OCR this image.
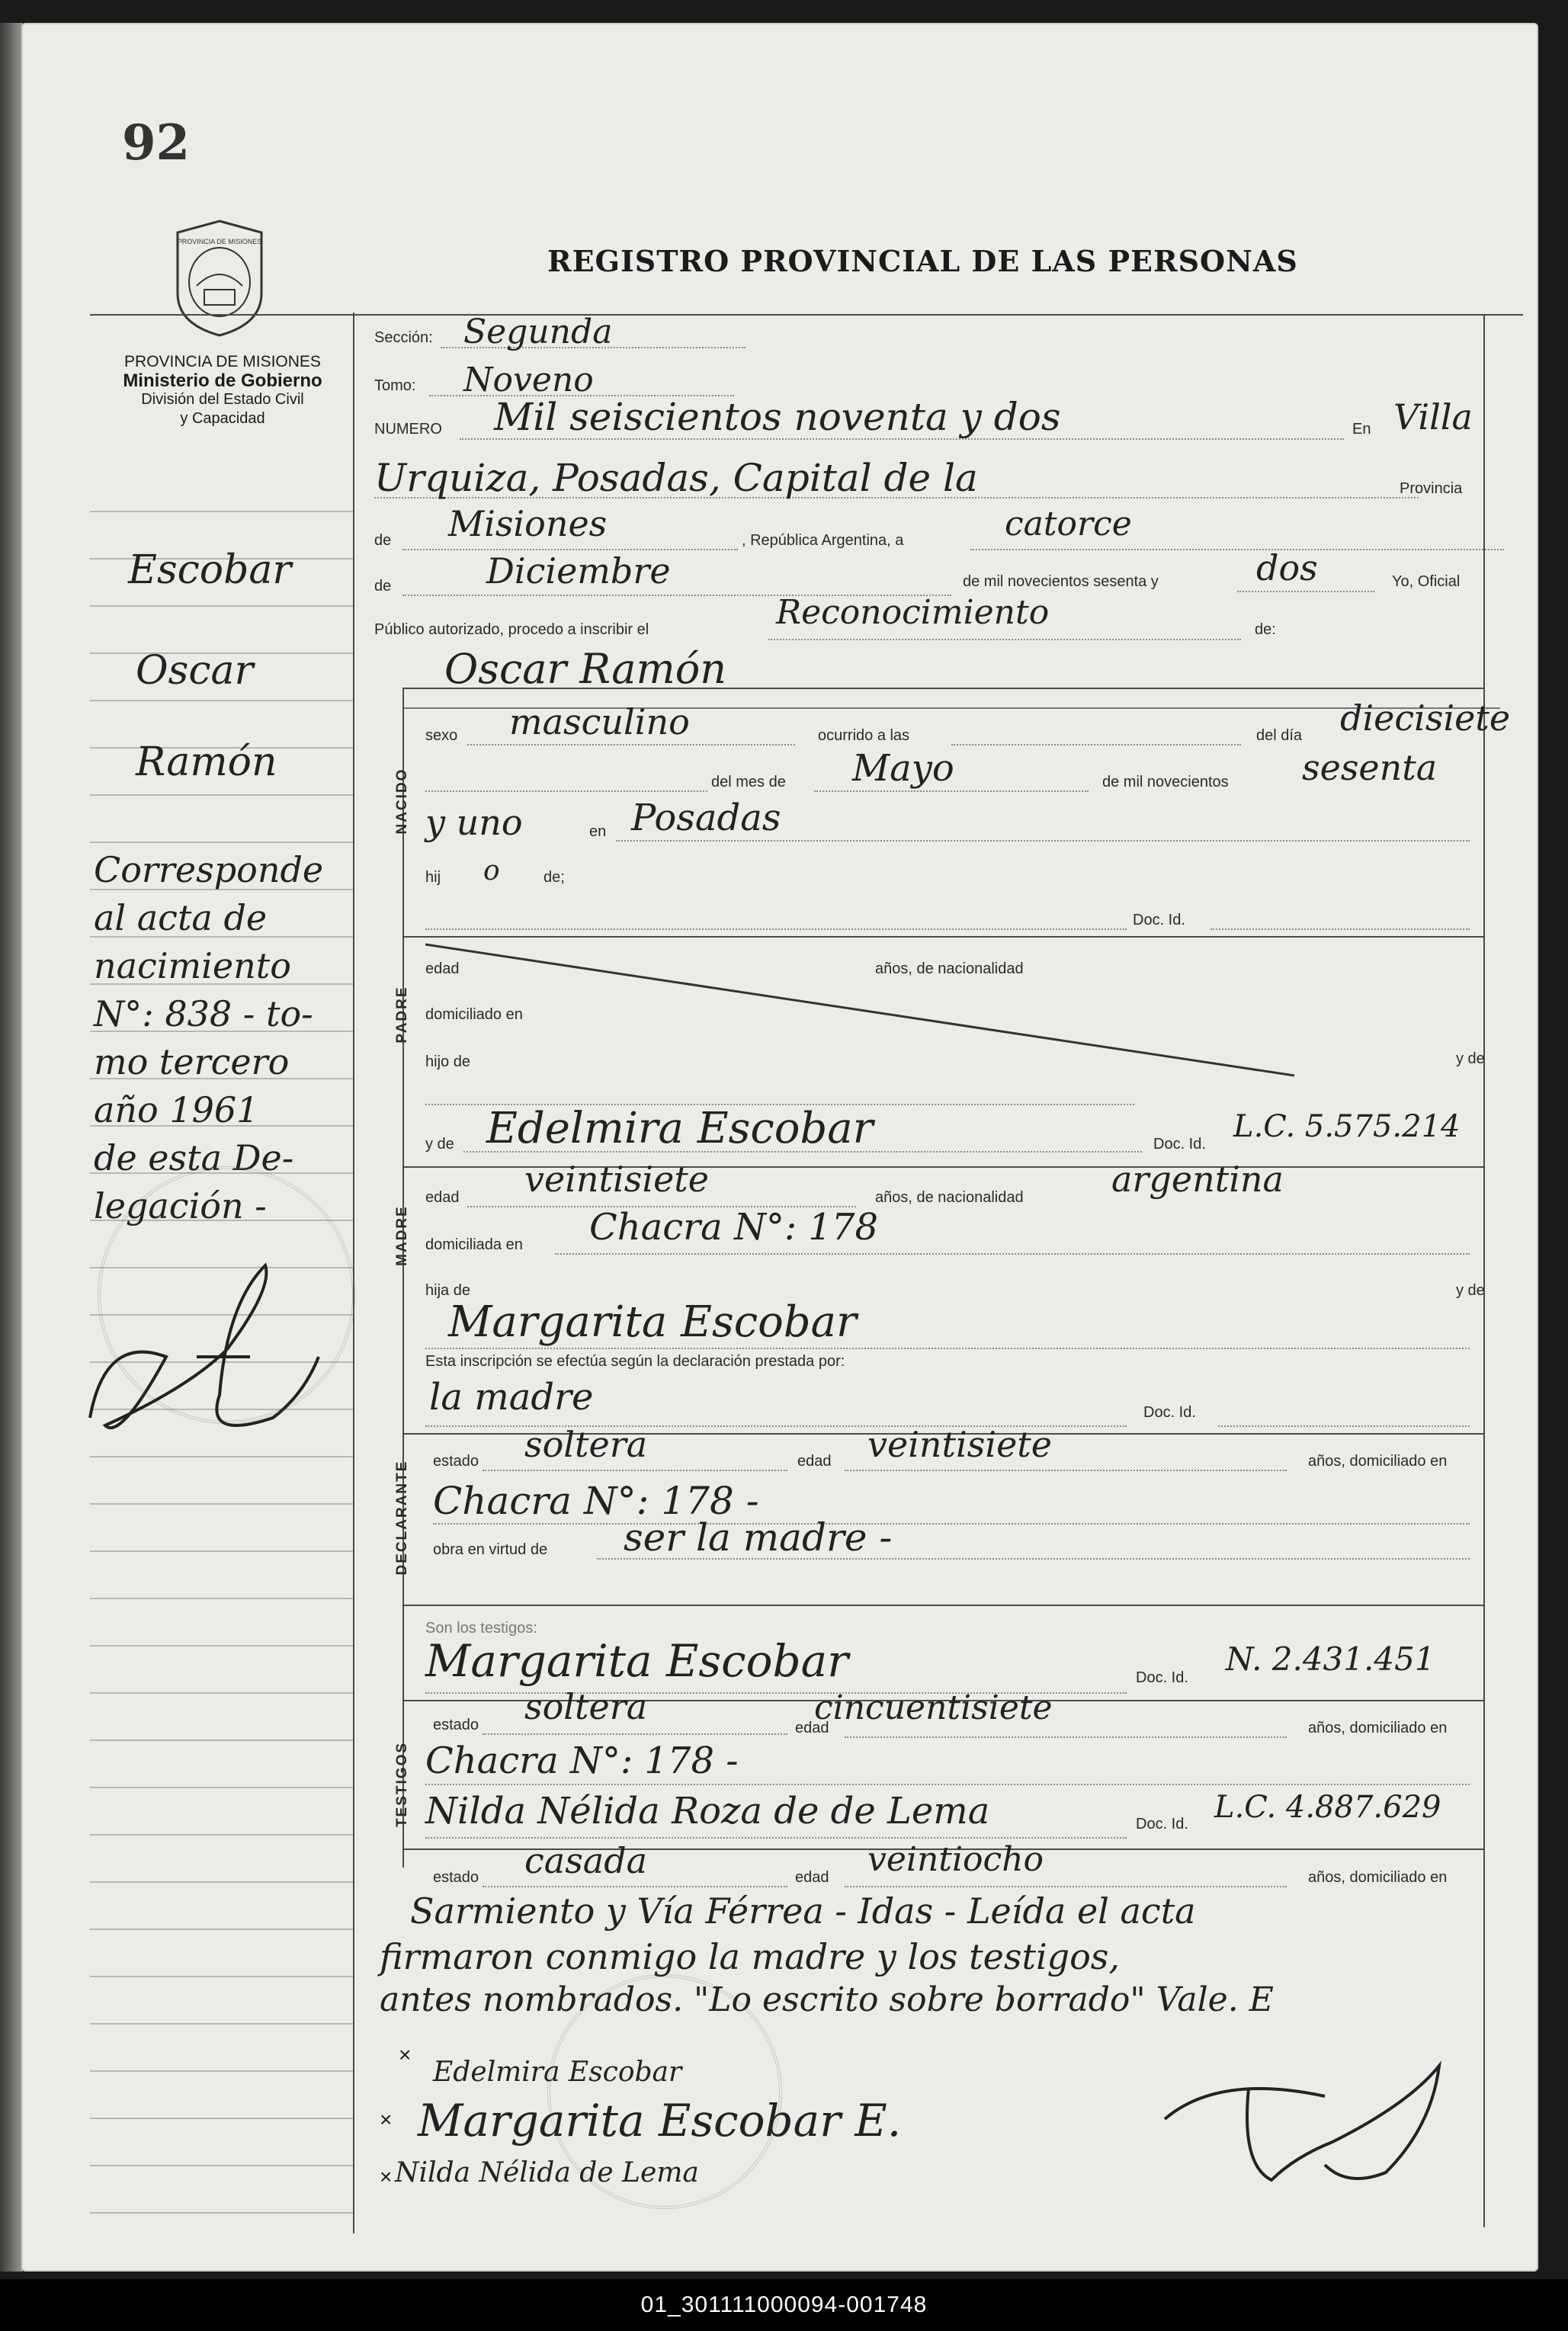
92
PROVINCIA DE MISIONES
PROVINCIA DE MISIONES
Ministerio de Gobierno
División del Estado Civil
y Capacidad
REGISTRO PROVINCIAL DE LAS PERSONAS
Escobar
Oscar
Ramón
Corresponde
al acta de
nacimiento
N°: 838 - to-
mo tercero
año 1961
de esta De-
legación -
Sección: Segunda
Tomo: Noveno
NUMERO Mil seiscientos noventa y dos	En Villa
Urquiza, Posadas, Capital de la	Provincia
de Misiones	, República Argentina, a	catorce
de	Diciembre	de mil novecientos sesenta y	dos	Yo, Oficial
Público autorizado, procedo a inscribir el	Reconocimiento	de:
Oscar Ramón
NACIDO
sexo masculino	ocurrido a las	del día diecisiete
del mes de Mayo	de mil novecientos sesenta
y uno	en Posadas
hij o	de;
Doc. Id.
PADRE
edad	años, de nacionalidad
domiciliado en
hijo de	y de
y de Edelmira Escobar	Doc. Id. L.C. 5.575.214
MADRE
edad veintisiete	años, de nacionalidad	argentina
domiciliada en Chacra N°: 178
hija de	y de
Margarita Escobar
Esta inscripción se efectúa según la declaración prestada por:
la madre	Doc. Id.
DECLARANTE estado soltera	edad veintisiete	años, domiciliado en
Chacra N°: 178 -
obra en virtud de ser la madre -
Son los testigos:
TESTIGOS
Margarita Escobar	Doc. Id. N. 2.431.451
estado soltera
edad
cincuentisiete
años, domiciliado en
Chacra N°: 178 -
Nilda Nélida Roza de de Lema	Doc. Id. L.C. 4.887.629
estado casada	edad veintiocho	años, domiciliado en
Sarmiento y Vía Férrea - Idas - Leída el acta
firmaron conmigo la madre y los testigos,
antes nombrados. "Lo escrito sobre borrado" Vale. E
×
Edelmira Escobar
× Margarita Escobar E.
× Nilda Nélida de Lema
01_301111000094-001748
